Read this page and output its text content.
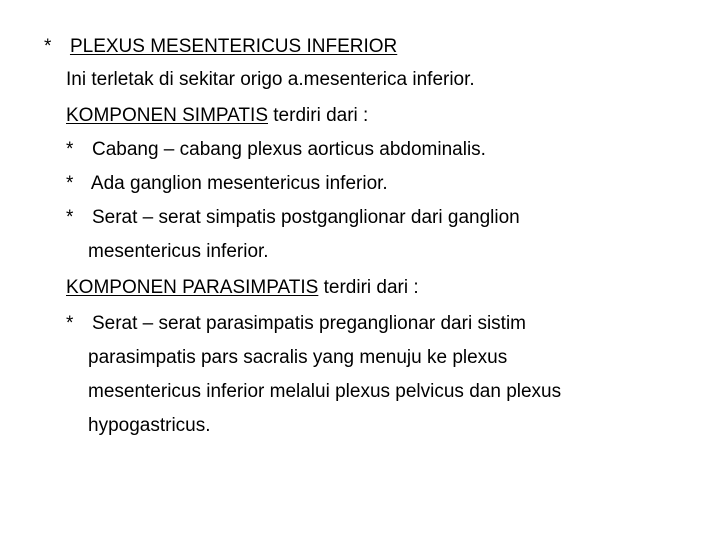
* PLEXUS MESENTERICUS INFERIOR
Ini terletak di sekitar origo a.mesenterica inferior.
KOMPONEN SIMPATIS terdiri dari :
* Cabang – cabang plexus aorticus abdominalis.
* Ada ganglion mesentericus inferior.
* Serat – serat simpatis postganglionar dari ganglion
mesentericus inferior.
KOMPONEN PARASIMPATIS terdiri dari :
* Serat – serat parasimpatis preganglionar dari sistim
parasimpatis pars sacralis yang menuju ke plexus
mesentericus inferior melalui plexus pelvicus dan plexus
hypogastricus.
